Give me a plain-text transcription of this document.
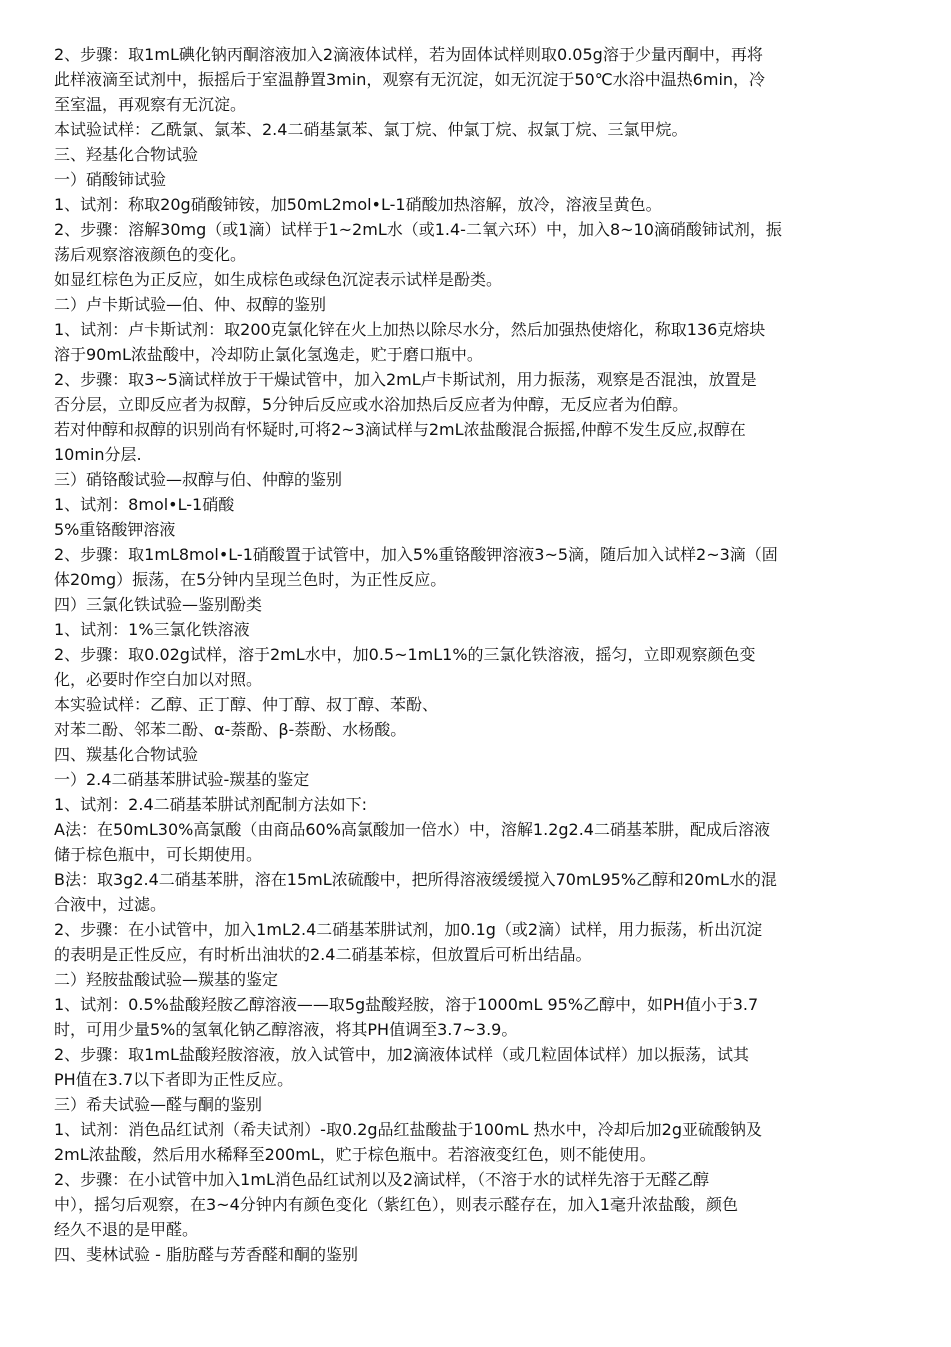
2、步骤：取1mL碘化钠丙酮溶液加入2滴液体试样，若为固体试样则取0.05g溶于少量丙酮中，再将
此样液滴至试剂中，振摇后于室温静置3min，观察有无沉淀，如无沉淀于50℃水浴中温热6min，冷
至室温，再观察有无沉淀。
本试验试样：乙酰氯、氯苯、2.4二硝基氯苯、氯丁烷、仲氯丁烷、叔氯丁烷、三氯甲烷。
三、羟基化合物试验
一）硝酸铈试验
1、试剂：称取20g硝酸铈铵，加50mL2mol•L-1硝酸加热溶解，放冷，溶液呈黄色。
2、步骤：溶解30mg（或1滴）试样于1~2mL水（或1.4-二氧六环）中，加入8~10滴硝酸铈试剂，振
荡后观察溶液颜色的变化。
如显红棕色为正反应，如生成棕色或绿色沉淀表示试样是酚类。
二）卢卡斯试验—伯、仲、叔醇的鉴别
1、试剂：卢卡斯试剂：取200克氯化锌在火上加热以除尽水分，然后加强热使熔化，称取136克熔块
溶于90mL浓盐酸中，冷却防止氯化氢逸走，贮于磨口瓶中。
2、步骤：取3~5滴试样放于干燥试管中，加入2mL卢卡斯试剂，用力振荡，观察是否混浊，放置是
否分层，立即反应者为叔醇，5分钟后反应或水浴加热后反应者为仲醇，无反应者为伯醇。
若对仲醇和叔醇的识别尚有怀疑时,可将2~3滴试样与2mL浓盐酸混合振摇,仲醇不发生反应,叔醇在
10min分层.
三）硝铬酸试验—叔醇与伯、仲醇的鉴别
1、试剂：8mol•L-1硝酸
5%重铬酸钾溶液
2、步骤：取1mL8mol•L-1硝酸置于试管中，加入5%重铬酸钾溶液3~5滴，随后加入试样2~3滴（固
体20mg）振荡，在5分钟内呈现兰色时，为正性反应。
四）三氯化铁试验—鉴别酚类
1、试剂：1%三氯化铁溶液
2、步骤：取0.02g试样，溶于2mL水中，加0.5~1mL1%的三氯化铁溶液，摇匀，立即观察颜色变
化，必要时作空白加以对照。
本实验试样：乙醇、正丁醇、仲丁醇、叔丁醇、苯酚、
对苯二酚、邻苯二酚、α-萘酚、β-萘酚、水杨酸。
四、羰基化合物试验
一）2.4二硝基苯肼试验-羰基的鉴定
1、试剂：2.4二硝基苯肼试剂配制方法如下:
A法：在50mL30%高氯酸（由商品60%高氯酸加一倍水）中，溶解1.2g2.4二硝基苯肼，配成后溶液
储于棕色瓶中，可长期使用。
B法：取3g2.4二硝基苯肼，溶在15mL浓硫酸中，把所得溶液缓缓搅入70mL95%乙醇和20mL水的混
合液中，过滤。
2、步骤：在小试管中，加入1mL2.4二硝基苯肼试剂，加0.1g（或2滴）试样，用力振荡，析出沉淀
的表明是正性反应，有时析出油状的2.4二硝基苯棕，但放置后可析出结晶。
二）羟胺盐酸试验—羰基的鉴定
1、试剂：0.5%盐酸羟胺乙醇溶液——取5g盐酸羟胺，溶于1000mL 95%乙醇中，如PH值小于3.7
时，可用少量5%的氢氧化钠乙醇溶液，将其PH值调至3.7~3.9。
2、步骤：取1mL盐酸羟胺溶液，放入试管中，加2滴液体试样（或几粒固体试样）加以振荡，试其
PH值在3.7以下者即为正性反应。
三）希夫试验—醛与酮的鉴别
1、试剂：消色品红试剂（希夫试剂）-取0.2g品红盐酸盐于100mL 热水中，冷却后加2g亚硫酸钠及
2mL浓盐酸，然后用水稀释至200mL，贮于棕色瓶中。若溶液变红色，则不能使用。
2、步骤：在小试管中加入1mL消色品红试剂以及2滴试样，（不溶于水的试样先溶于无醛乙醇
中），摇匀后观察，在3~4分钟内有颜色变化（紫红色），则表示醛存在，加入1毫升浓盐酸，颜色
经久不退的是甲醛。
四、斐林试验 - 脂肪醛与芳香醛和酮的鉴别
